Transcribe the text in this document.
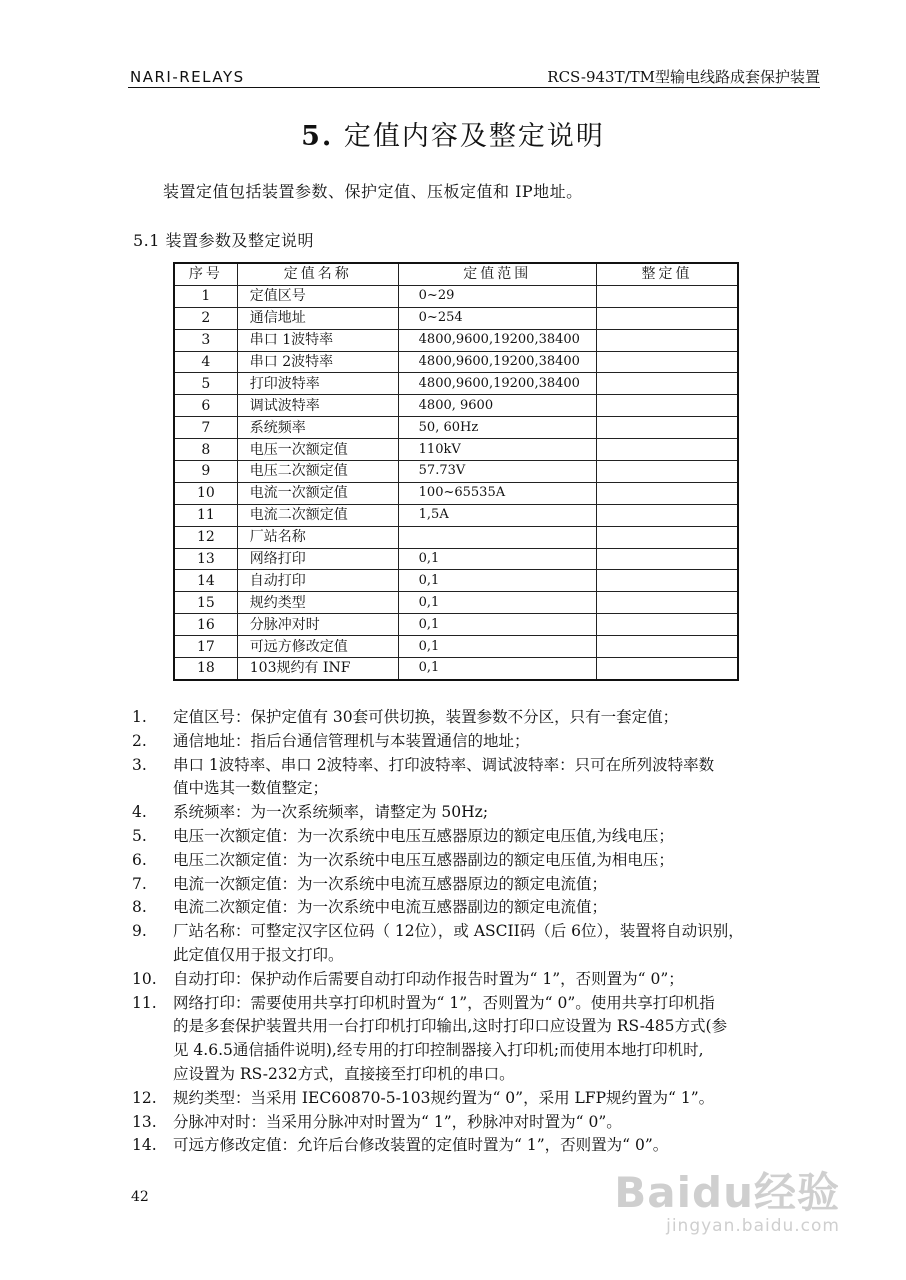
NARI-RELAYS	RCS-943T/TM型输电线路成套保护装置
5. 定值内容及整定说明
装置定值包括装置参数、保护定值、压板定值和 IP地址。
5.1 装置参数及整定说明
序号	定值名称	定值范围	整定值
1	定值区号	0~29	
2	通信地址	0~254	
3	串口 1波特率	4800,9600,19200,38400	
4	串口 2波特率	4800,9600,19200,38400	
5	打印波特率	4800,9600,19200,38400	
6	调试波特率	4800, 9600	
7	系统频率	50, 60Hz	
8	电压一次额定值	110kV	
9	电压二次额定值	57.73V	
10	电流一次额定值	100~65535A	
11	电流二次额定值	1,5A	
12	厂站名称		
13	网络打印	0,1	
14	自动打印	0,1	
15	规约类型	0,1	
16	分脉冲对时	0,1	
17	可远方修改定值	0,1	
18	103规约有 INF	0,1	
1.	定值区号：保护定值有 30套可供切换，装置参数不分区，只有一套定值；
2.	通信地址：指后台通信管理机与本装置通信的地址；
3.	串口 1波特率、串口 2波特率、打印波特率、调试波特率：只可在所列波特率数
值中选其一数值整定；
4.	系统频率：为一次系统频率，请整定为 50Hz;
5.	电压一次额定值：为一次系统中电压互感器原边的额定电压值,为线电压；
6.	电压二次额定值：为一次系统中电压互感器副边的额定电压值,为相电压；
7.	电流一次额定值：为一次系统中电流互感器原边的额定电流值；
8.	电流二次额定值：为一次系统中电流互感器副边的额定电流值；
9.	厂站名称：可整定汉字区位码（ 12位），或 ASCII码（后 6位），装置将自动识别，
此定值仅用于报文打印。
10.	自动打印：保护动作后需要自动打印动作报告时置为“ 1”，否则置为“ 0”；
11.	网络打印：需要使用共享打印机时置为“ 1”，否则置为“ 0”。使用共享打印机指
的是多套保护装置共用一台打印机打印输出,这时打印口应设置为 RS-485方式(参
见 4.6.5通信插件说明),经专用的打印控制器接入打印机;而使用本地打印机时,
应设置为 RS-232方式，直接接至打印机的串口。
12.	规约类型：当采用 IEC60870-5-103规约置为“ 0”，采用 LFP规约置为“ 1”。
13.	分脉冲对时：当采用分脉冲对时置为“ 1”，秒脉冲对时置为“ 0”。
14.	可远方修改定值：允许后台修改装置的定值时置为“ 1”，否则置为“ 0”。
42	Baidu经验
jingyan.baidu.com
